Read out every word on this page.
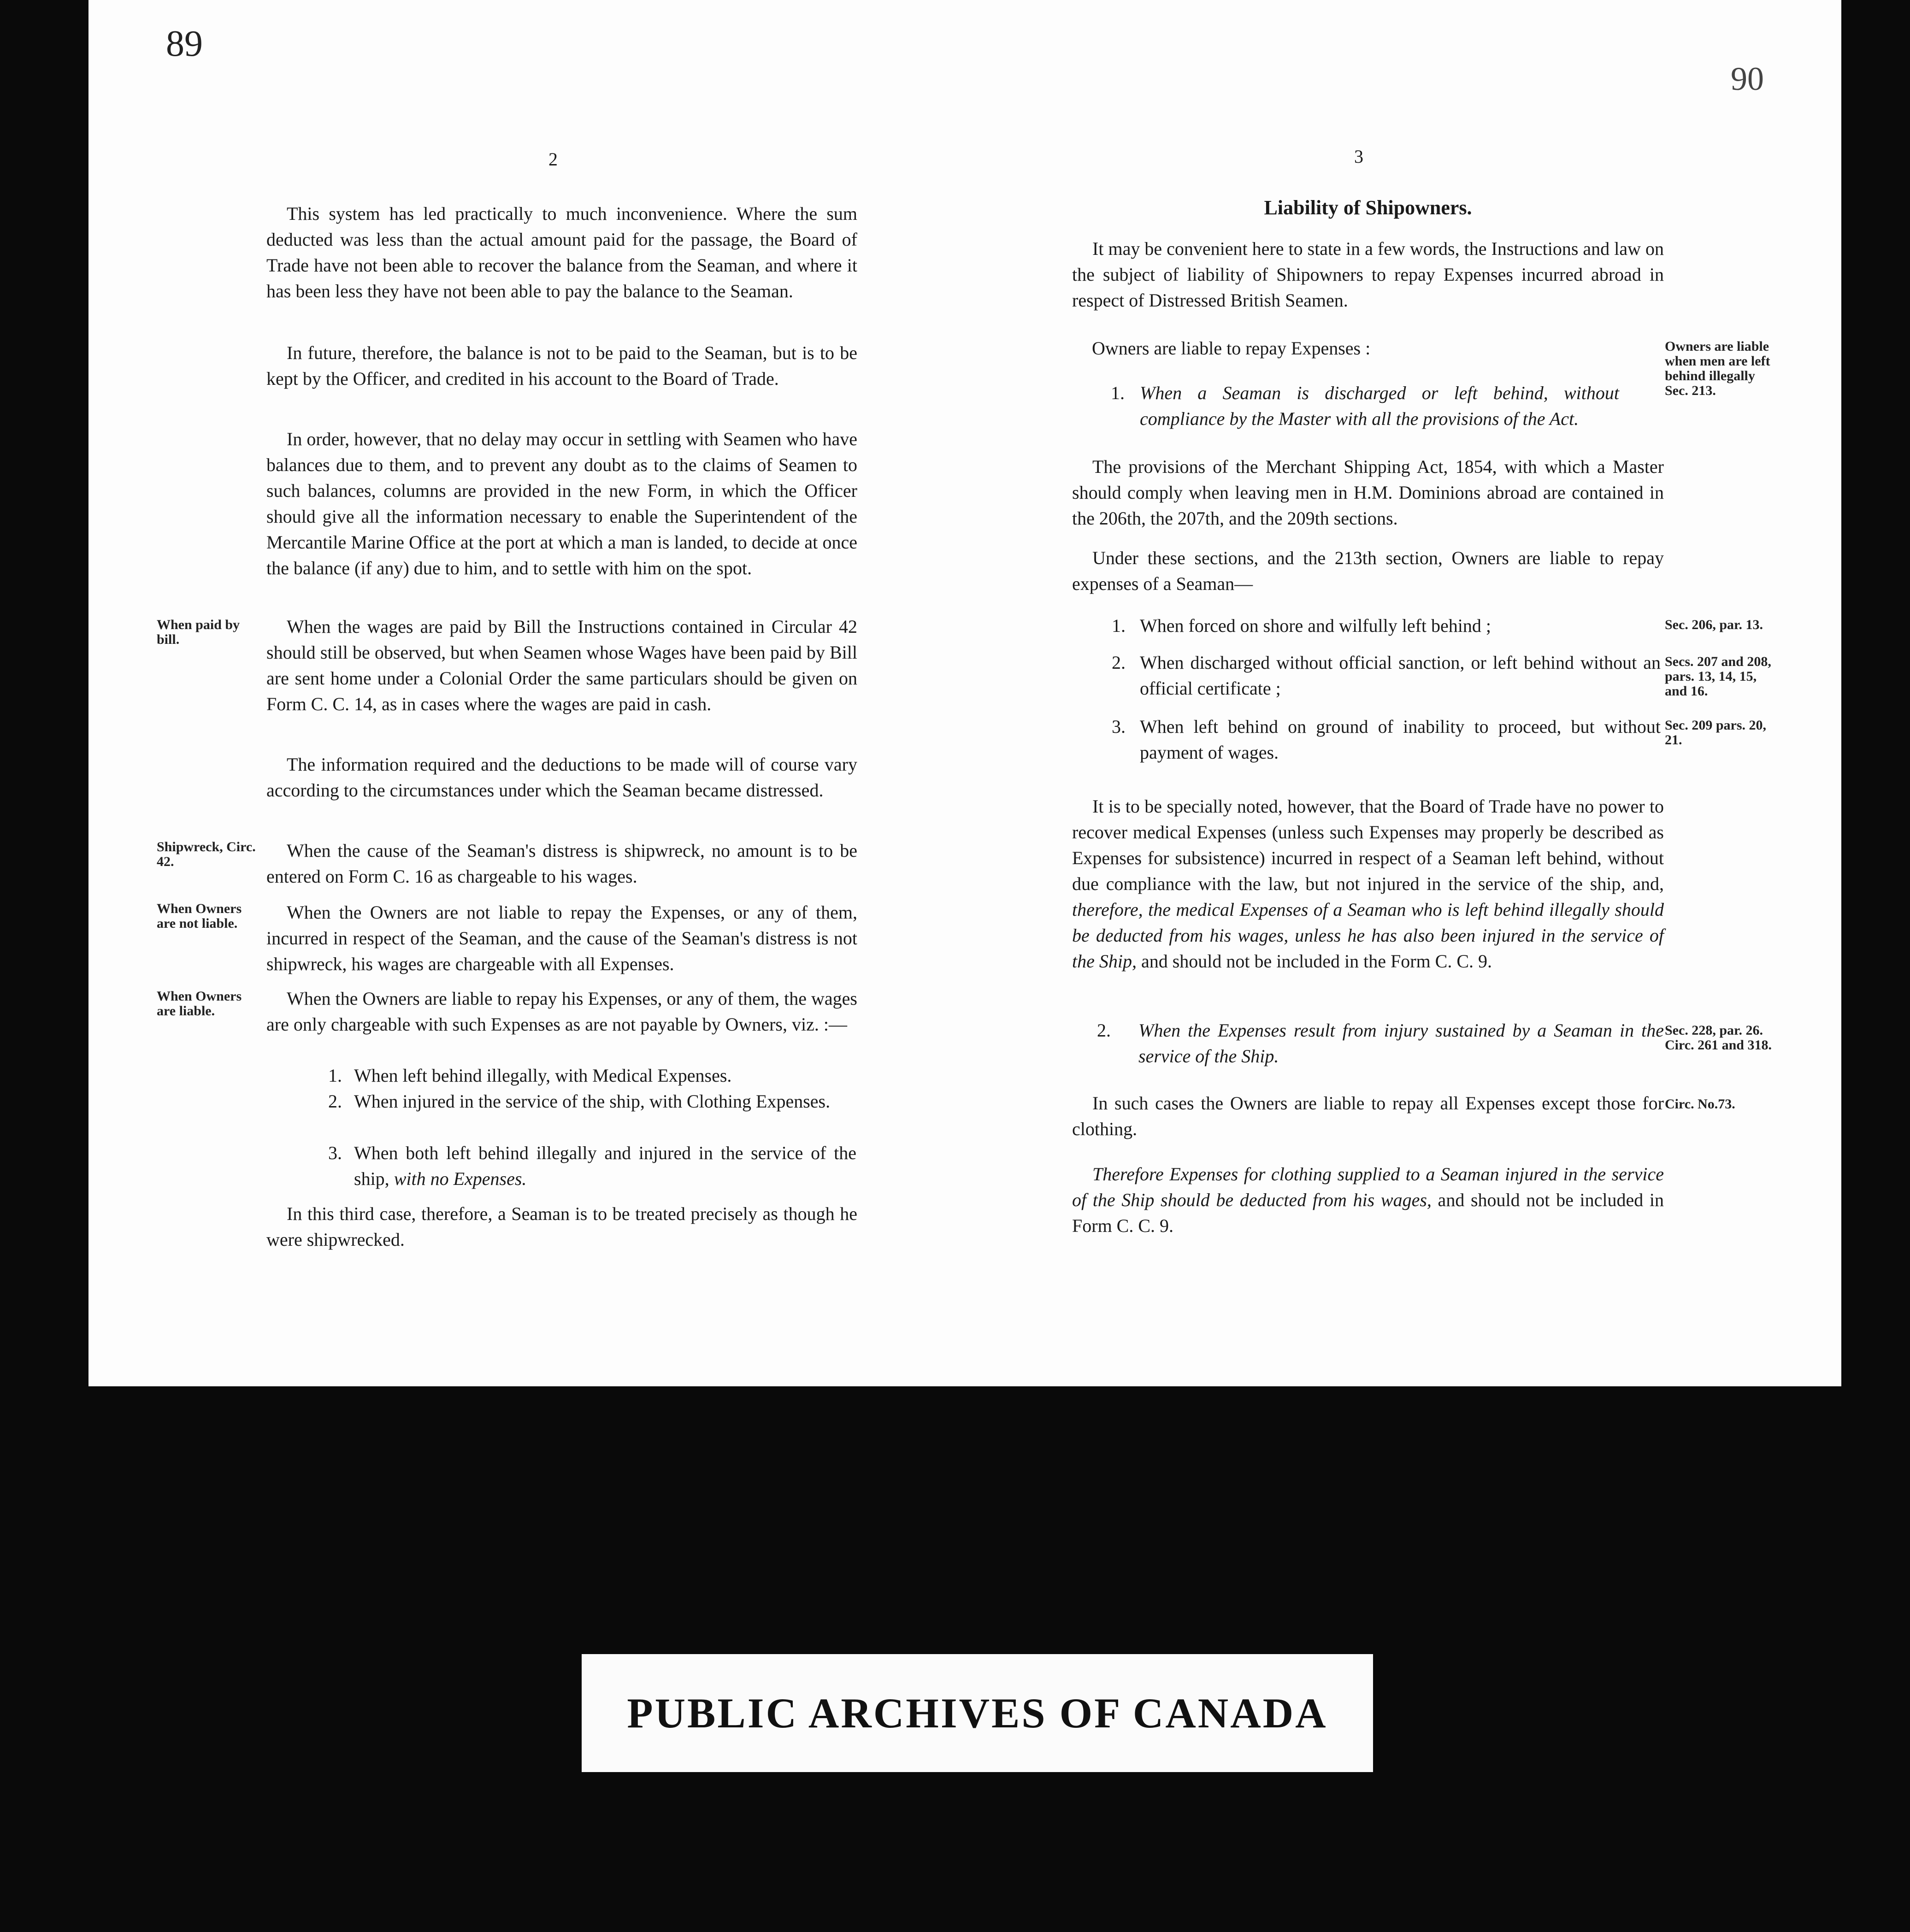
89
90
2
This system has led practically to much inconvenience. Where the sum deducted was less than the actual amount paid for the passage, the Board of Trade have not been able to recover the balance from the Seaman, and where it has been less they have not been able to pay the balance to the Seaman.
In future, therefore, the balance is not to be paid to the Seaman, but is to be kept by the Officer, and credited in his account to the Board of Trade.
In order, however, that no delay may occur in settling with Seamen who have balances due to them, and to prevent any doubt as to the claims of Seamen to such balances, columns are provided in the new Form, in which the Officer should give all the information necessary to enable the Superintendent of the Mercantile Marine Office at the port at which a man is landed, to decide at once the balance (if any) due to him, and to settle with him on the spot.
When paid by bill.
When the wages are paid by Bill the Instructions contained in Circular 42 should still be observed, but when Seamen whose Wages have been paid by Bill are sent home under a Colonial Order the same particulars should be given on Form C. C. 14, as in cases where the wages are paid in cash.
The information required and the deductions to be made will of course vary according to the circumstances under which the Seaman became distressed.
Shipwreck, Circ. 42.
When the cause of the Seaman's distress is shipwreck, no amount is to be entered on Form C. 16 as chargeable to his wages.
When Owners are not liable.
When the Owners are not liable to repay the Expenses, or any of them, incurred in respect of the Seaman, and the cause of the Seaman's distress is not shipwreck, his wages are chargeable with all Expenses.
When Owners are liable.
When the Owners are liable to repay his Expenses, or any of them, the wages are only chargeable with such Expenses as are not payable by Owners, viz. :—
1. When left behind illegally, with Medical Expenses.
2. When injured in the service of the ship, with Clothing Expenses.
3. When both left behind illegally and injured in the service of the ship, with no Expenses.
In this third case, therefore, a Seaman is to be treated precisely as though he were shipwrecked.
3
Liability of Shipowners.
It may be convenient here to state in a few words, the Instructions and law on the subject of liability of Shipowners to repay Expenses incurred abroad in respect of Distressed British Seamen.
Owners are liable to repay Expenses :	Owners are liable when men are left behind illegally Sec. 213.
1. When a Seaman is discharged or left behind, without compliance by the Master with all the provisions of the Act.
The provisions of the Merchant Shipping Act, 1854, with which a Master should comply when leaving men in H.M. Dominions abroad are contained in the 206th, the 207th, and the 209th sections.
Under these sections, and the 213th section, Owners are liable to repay expenses of a Seaman—
1. When forced on shore and wilfully left behind ;	Sec. 206, par. 13.
2. When discharged without official sanction, or left behind without an official certificate ;
Secs. 207 and 208, pars. 13, 14, 15, and 16.
3. When left behind on ground of inability to proceed, but without payment of wages.
Sec. 209 pars. 20, 21.
It is to be specially noted, however, that the Board of Trade have no power to recover medical Expenses (unless such Expenses may properly be described as Expenses for subsistence) incurred in respect of a Seaman left behind, without due compliance with the law, but not injured in the service of the ship, and, therefore, the medical Expenses of a Seaman who is left behind illegally should be deducted from his wages, unless he has also been injured in the service of the Ship, and should not be included in the Form C. C. 9.
2. When the Expenses result from injury sustained by a Seaman in the service of the Ship.
Sec. 228, par. 26. Circ. 261 and 318.
In such cases the Owners are liable to repay all Expenses except those for clothing.
Circ. No.73.
Therefore Expenses for clothing supplied to a Seaman injured in the service of the Ship should be deducted from his wages, and should not be included in Form C. C. 9.
PUBLIC ARCHIVES OF CANADA
